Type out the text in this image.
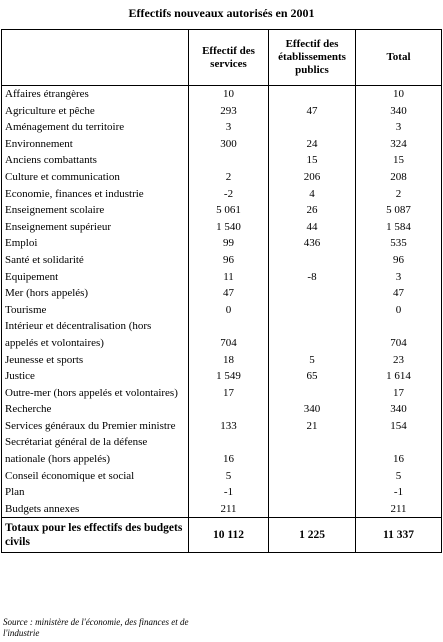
Effectifs nouveaux autorisés en 2001
	Effectif des services	Effectif des établissements publics	Total
Affaires étrangères	10		10
Agriculture et pêche	293	47	340
Aménagement du territoire	3		3
Environnement	300	24	324
Anciens combattants		15	15
Culture et communication	2	206	208
Economie, finances et industrie	-2	4	2
Enseignement scolaire	5 061	26	5 087
Enseignement supérieur	1 540	44	1 584
Emploi	99	436	535
Santé et solidarité	96		96
Equipement	11	-8	3
Mer (hors appelés)	47		47
Tourisme	0		0
Intérieur et décentralisation (hors appelés et volontaires)	704		704
Jeunesse et sports	18	5	23
Justice	1 549	65	1 614
Outre-mer (hors appelés et volontaires)	17		17
Recherche		340	340
Services généraux du Premier ministre	133	21	154
Secrétariat général de la défense nationale (hors appelés)	16		16
Conseil économique et social	5		5
Plan	-1		-1
Budgets annexes	211		211
Totaux pour les effectifs des budgets civils	10 112	1 225	11 337
Source : ministère de l'économie, des finances et de l'industrie
